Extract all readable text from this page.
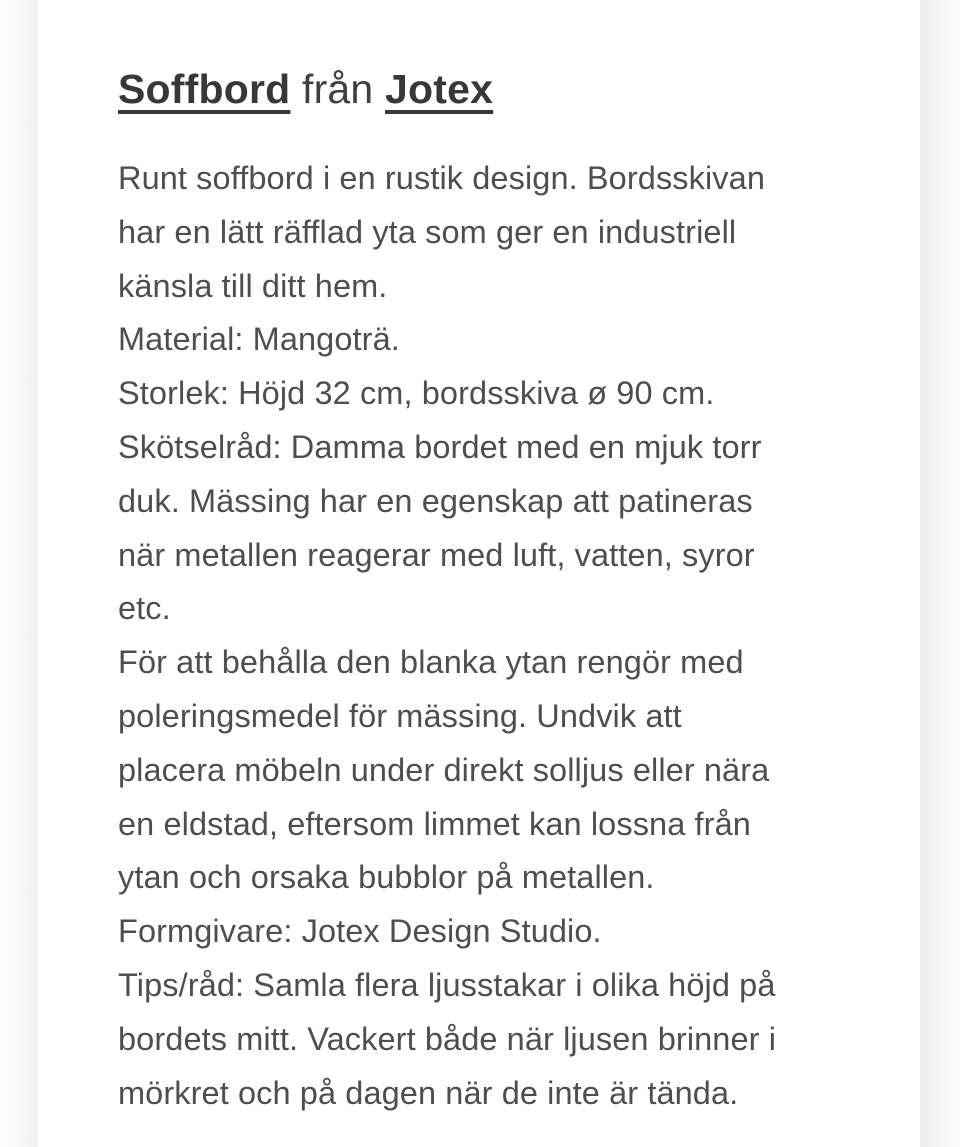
Soffbord från Jotex
Runt soffbord i en rustik design. Bordsskivan
har en lätt räfflad yta som ger en industriell
känsla till ditt hem.
Material: Mangoträ.
Storlek: Höjd 32 cm, bordsskiva ø 90 cm.
Skötselråd: Damma bordet med en mjuk torr
duk. Mässing har en egenskap att patineras
när metallen reagerar med luft, vatten, syror
etc.
För att behålla den blanka ytan rengör med
poleringsmedel för mässing. Undvik att
placera möbeln under direkt solljus eller nära
en eldstad, eftersom limmet kan lossna från
ytan och orsaka bubblor på metallen.
Formgivare: Jotex Design Studio.
Tips/råd: Samla flera ljusstakar i olika höjd på
bordets mitt. Vackert både när ljusen brinner i
mörkret och på dagen när de inte är tända.
